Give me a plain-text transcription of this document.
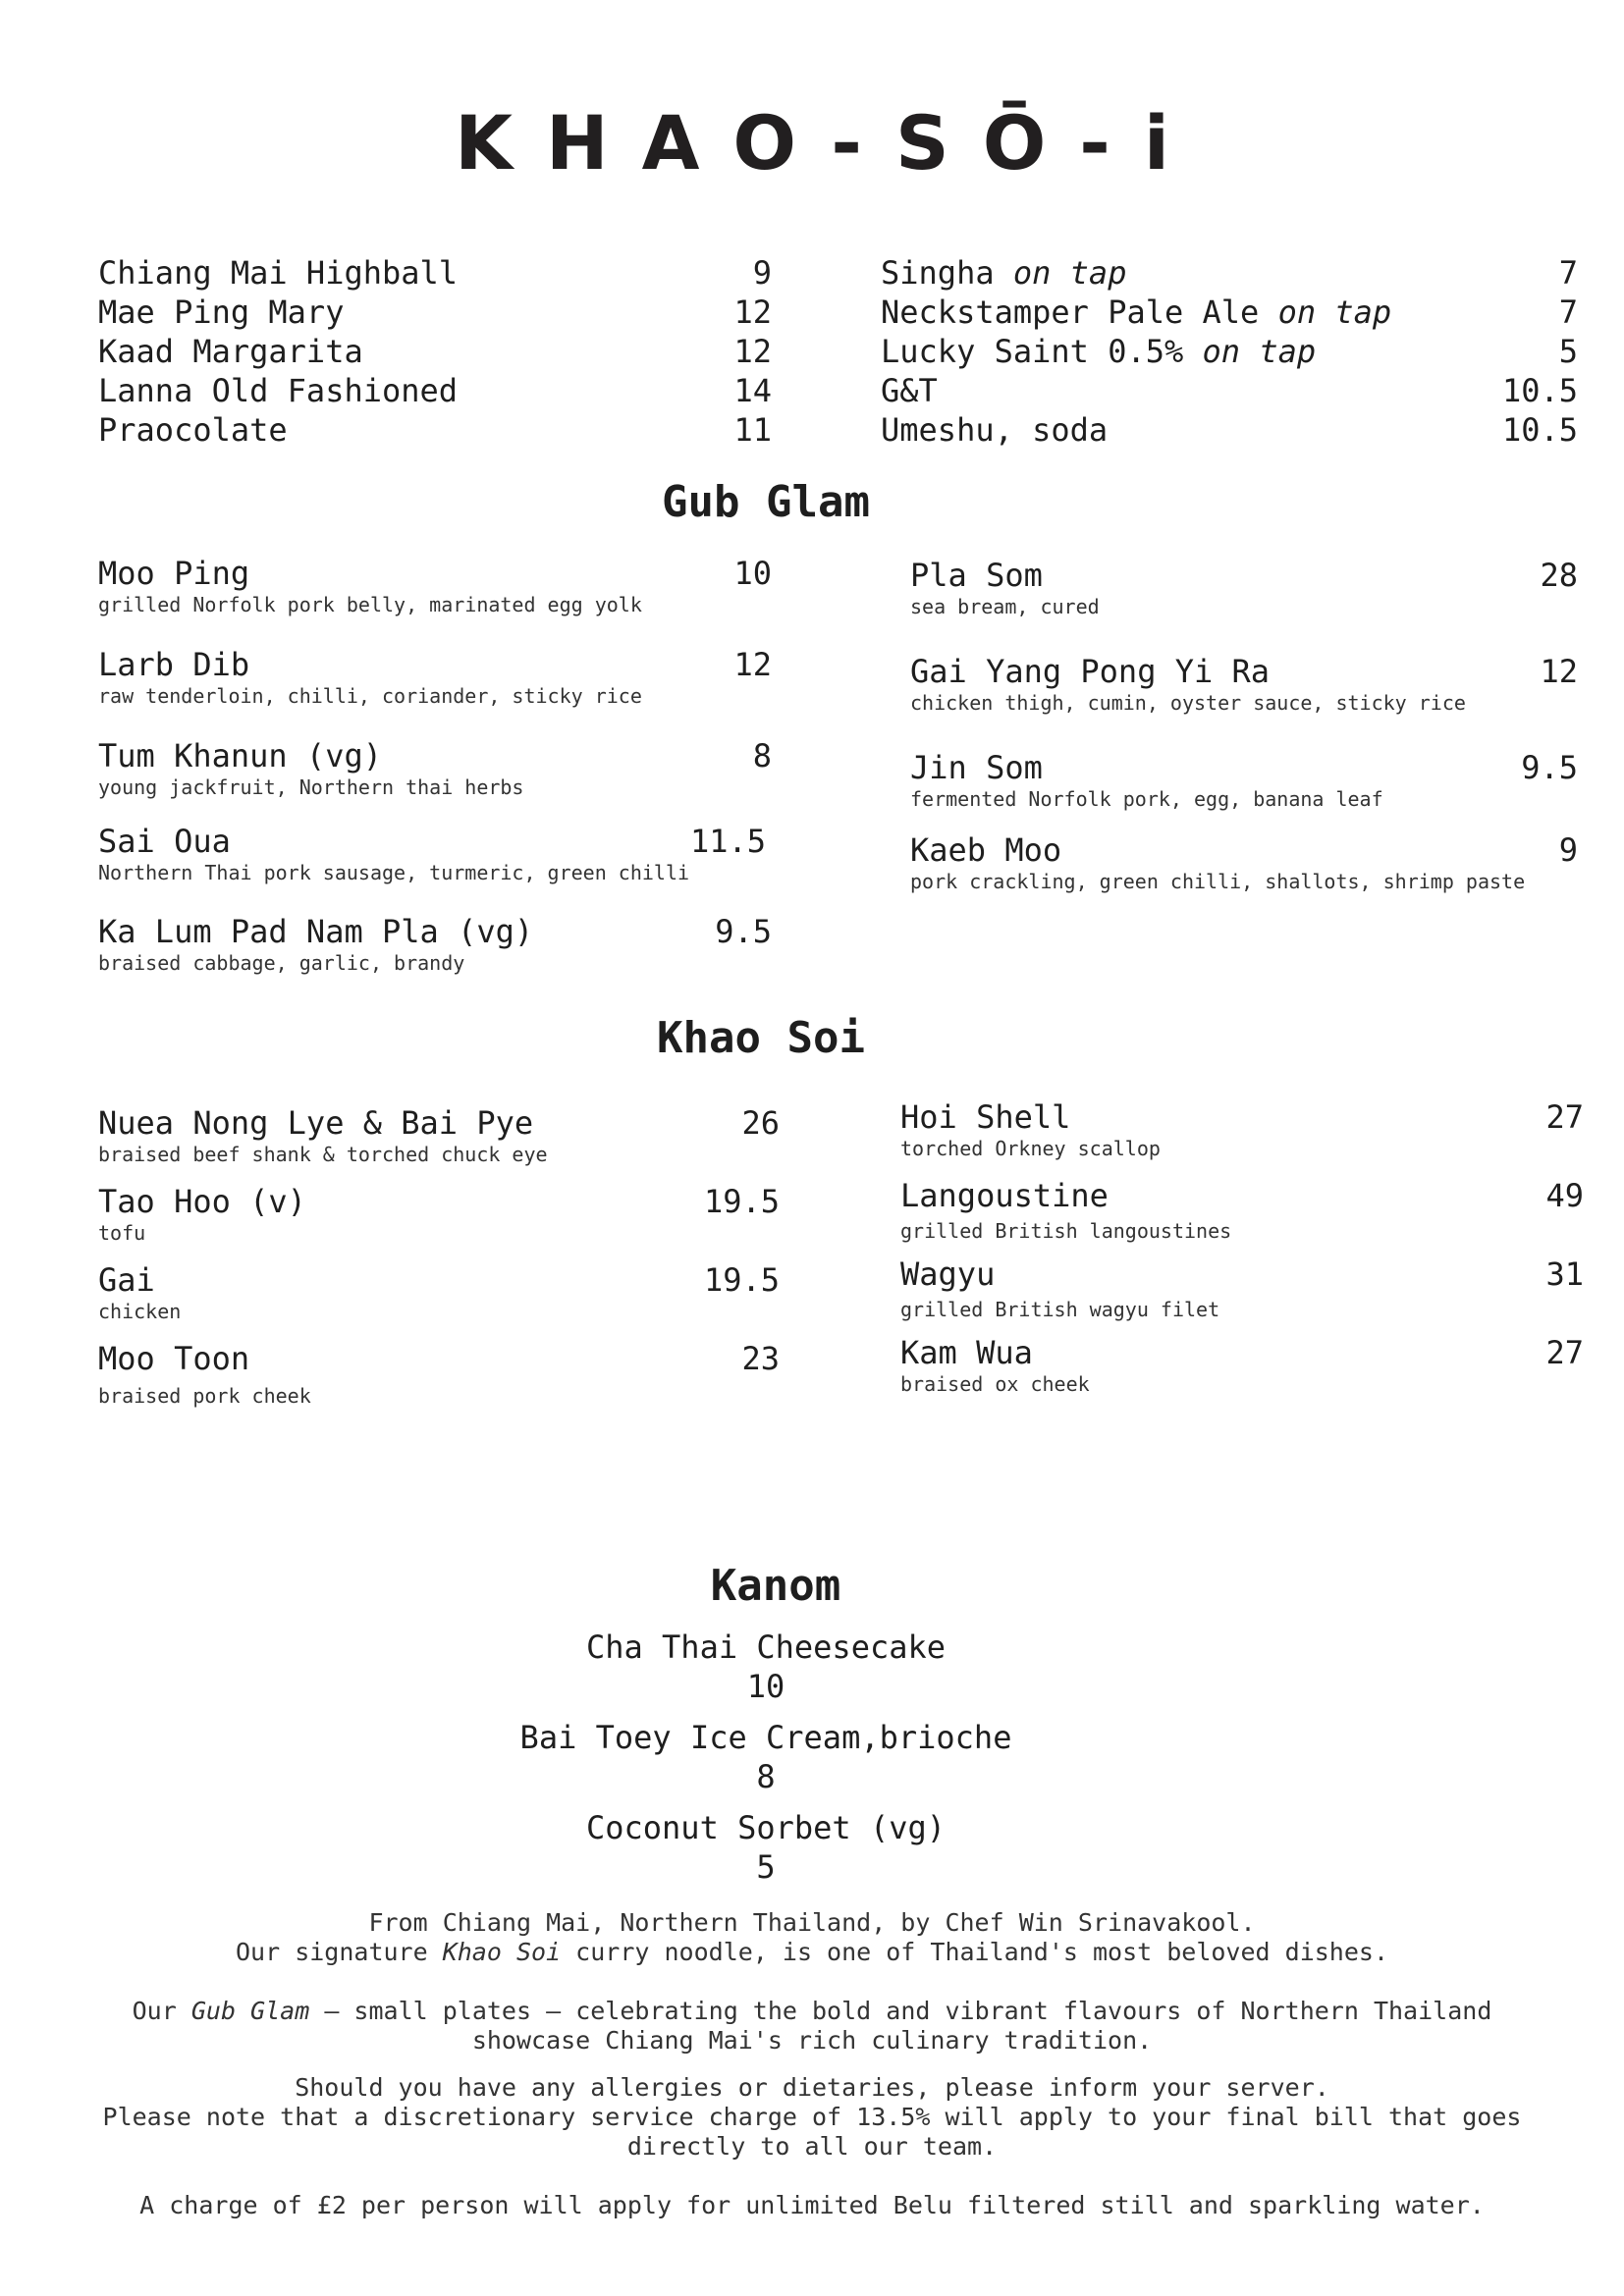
KHAO-SŌ-i
Chiang Mai Highball	9
Mae Ping Mary	12
Kaad Margarita	12
Lanna Old Fashioned	14
Praocolate	11
Singha on tap	7
Neckstamper Pale Ale on tap	7
Lucky Saint 0.5% on tap	5
G&T	10.5
Umeshu, soda	10.5
Gub Glam
Moo Ping	10
grilled Norfolk pork belly, marinated egg yolk
Larb Dib	12
raw tenderloin, chilli, coriander, sticky rice
Tum Khanun (vg)	8
young jackfruit, Northern thai herbs
Sai Oua	11.5
Northern Thai pork sausage, turmeric, green chilli
Ka Lum Pad Nam Pla (vg)	9.5
braised cabbage, garlic, brandy
Pla Som	28
sea bream, cured
Gai Yang Pong Yi Ra	12
chicken thigh, cumin, oyster sauce, sticky rice
Jin Som	9.5
fermented Norfolk pork, egg, banana leaf
Kaeb Moo	9
pork crackling, green chilli, shallots, shrimp paste
Khao Soi
Nuea Nong Lye & Bai Pye	26
braised beef shank & torched chuck eye
Tao Hoo (v)	19.5
tofu
Gai	19.5
chicken
Moo Toon	23
braised pork cheek
Hoi Shell	27
torched Orkney scallop
Langoustine	49
grilled British langoustines
Wagyu	31
grilled British wagyu filet
Kam Wua	27
braised ox cheek
Kanom
Cha Thai Cheesecake
10
Bai Toey Ice Cream,brioche
8
Coconut Sorbet (vg)
5

From Chiang Mai, Northern Thailand, by Chef Win Srinavakool.
Our signature Khao Soi curry noodle, is one of Thailand's most beloved dishes.

Our Gub Glam – small plates – celebrating the bold and vibrant flavours of Northern Thailand
showcase Chiang Mai's rich culinary tradition.

Should you have any allergies or dietaries, please inform your server.
Please note that a discretionary service charge of 13.5% will apply to your final bill that goes directly to all our team.

A charge of £2 per person will apply for unlimited Belu filtered still and sparkling water.
